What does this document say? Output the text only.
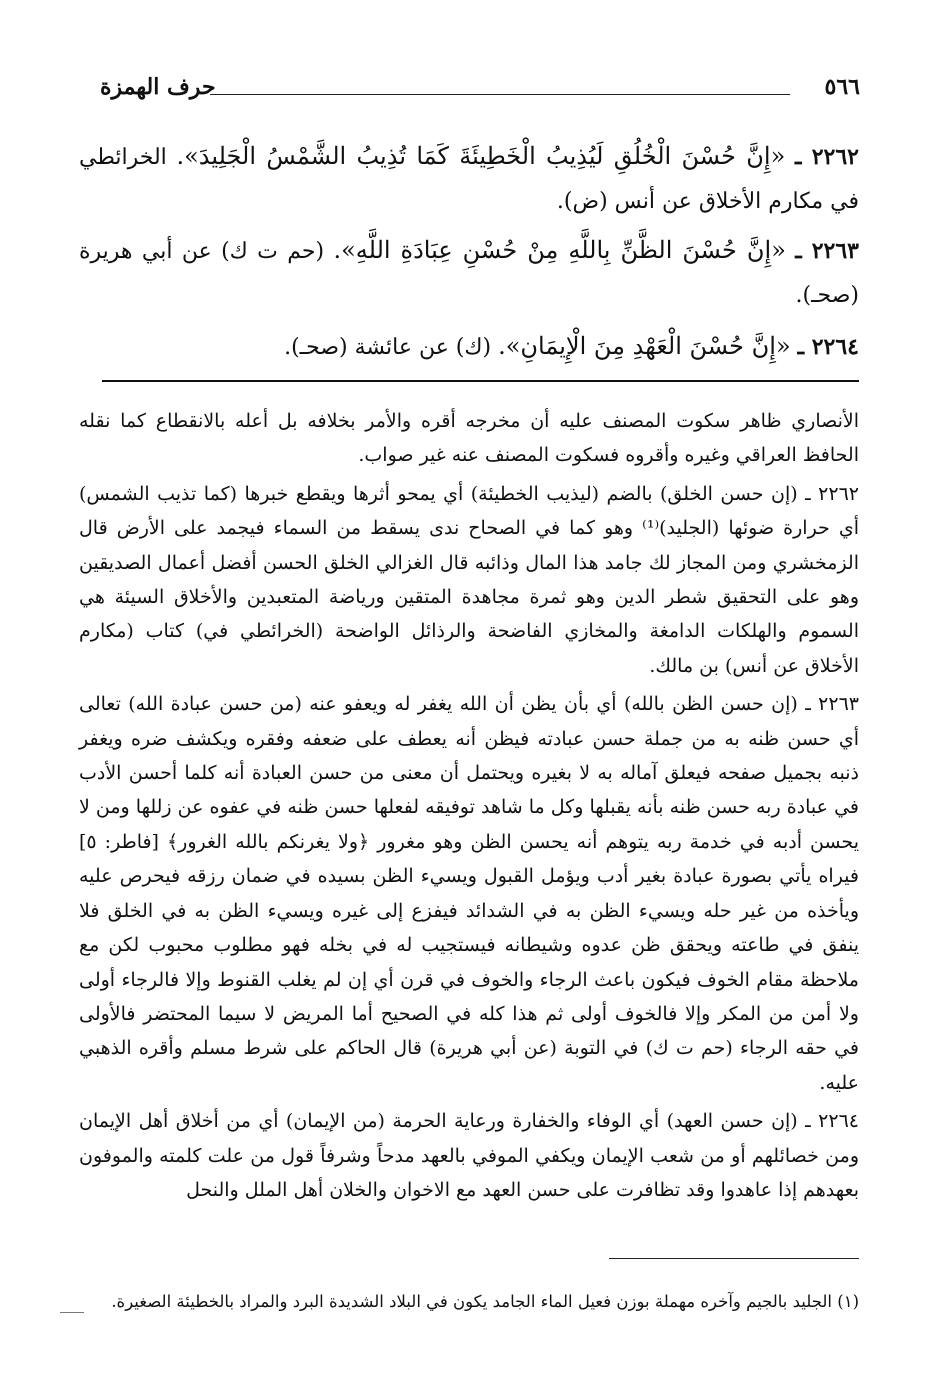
٥٦٦
حرف الهمزة
٢٢٦٢ ـ «إِنَّ حُسْنَ الْخُلُقِ لَيُذِيبُ الْخَطِيئَةَ كَمَا تُذِيبُ الشَّمْسُ الْجَلِيدَ». الخرائطي في مكارم الأخلاق عن أنس (ض).
٢٢٦٣ ـ «إِنَّ حُسْنَ الظَّنِّ بِاللَّهِ مِنْ حُسْنِ عِبَادَةِ اللَّهِ». (حم ت ك) عن أبي هريرة (صحـ).
٢٢٦٤ ـ «إِنَّ حُسْنَ الْعَهْدِ مِنَ الْإِيمَانِ». (ك) عن عائشة (صحـ).

الأنصاري ظاهر سكوت المصنف عليه أن مخرجه أقره والأمر بخلافه بل أعله بالانقطاع كما نقله الحافظ العراقي وغيره وأقروه فسكوت المصنف عنه غير صواب.

٢٢٦٢ ـ (إن حسن الخلق) بالضم (ليذيب الخطيئة) أي يمحو أثرها ويقطع خبرها (كما تذيب الشمس) أي حرارة ضوئها (الجليد)⁽¹⁾ وهو كما في الصحاح ندى يسقط من السماء فيجمد على الأرض قال الزمخشري ومن المجاز لك جامد هذا المال وذائبه قال الغزالي الخلق الحسن أفضل أعمال الصديقين وهو على التحقيق شطر الدين وهو ثمرة مجاهدة المتقين ورياضة المتعبدين والأخلاق السيئة هي السموم والهلكات الدامغة والمخازي الفاضحة والرذائل الواضحة (الخرائطي في) كتاب (مكارم الأخلاق عن أنس) بن مالك.

٢٢٦٣ ـ (إن حسن الظن بالله) أي بأن يظن أن الله يغفر له ويعفو عنه (من حسن عبادة الله) تعالى أي حسن ظنه به من جملة حسن عبادته فيظن أنه يعطف على ضعفه وفقره ويكشف ضره ويغفر ذنبه بجميل صفحه فيعلق آماله به لا بغيره ويحتمل أن معنى من حسن العبادة أنه كلما أحسن الأدب في عبادة ربه حسن ظنه بأنه يقبلها وكل ما شاهد توفيقه لفعلها حسن ظنه في عفوه عن زللها ومن لا يحسن أدبه في خدمة ربه يتوهم أنه يحسن الظن وهو مغرور ﴿ولا يغرنكم بالله الغرور﴾ [فاطر: ٥] فيراه يأتي بصورة عبادة بغير أدب ويؤمل القبول ويسيء الظن بسيده في ضمان رزقه فيحرص عليه ويأخذه من غير حله ويسيء الظن به في الشدائد فيفزع إلى غيره ويسيء الظن به في الخلق فلا ينفق في طاعته ويحقق ظن عدوه وشيطانه فيستجيب له في بخله فهو مطلوب محبوب لكن مع ملاحظة مقام الخوف فيكون باعث الرجاء والخوف في قرن أي إن لم يغلب القنوط وإلا فالرجاء أولى ولا أمن من المكر وإلا فالخوف أولى ثم هذا كله في الصحيح أما المريض لا سيما المحتضر فالأولى في حقه الرجاء (حم ت ك) في التوبة (عن أبي هريرة) قال الحاكم على شرط مسلم وأقره الذهبي عليه.

٢٢٦٤ ـ (إن حسن العهد) أي الوفاء والخفارة ورعاية الحرمة (من الإيمان) أي من أخلاق أهل الإيمان ومن خصائلهم أو من شعب الإيمان ويكفي الموفي بالعهد مدحاً وشرفاً قول من علت كلمته والموفون بعهدهم إذا عاهدوا وقد تظافرت على حسن العهد مع الاخوان والخلان أهل الملل والنحل

(١) الجليد بالجيم وآخره مهملة بوزن فعيل الماء الجامد يكون في البلاد الشديدة البرد والمراد بالخطيئة الصغيرة.
